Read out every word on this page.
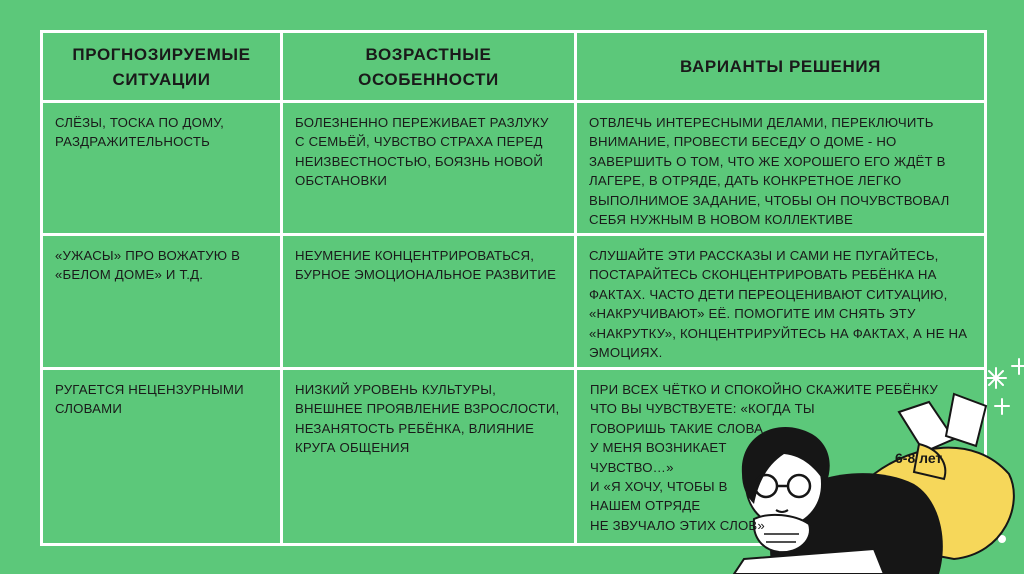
ПРОГНОЗИРУЕМЫЕ СИТУАЦИИ
ВОЗРАСТНЫЕ ОСОБЕННОСТИ
ВАРИАНТЫ РЕШЕНИЯ
СЛЁЗЫ, ТОСКА ПО ДОМУ, РАЗДРАЖИТЕЛЬНОСТЬ
БОЛЕЗНЕННО ПЕРЕЖИВАЕТ РАЗЛУКУ С СЕМЬЁЙ, ЧУВСТВО СТРАХА ПЕРЕД НЕИЗВЕСТНОСТЬЮ, БОЯЗНЬ НОВОЙ ОБСТАНОВКИ
ОТВЛЕЧЬ ИНТЕРЕСНЫМИ ДЕЛАМИ, ПЕРЕКЛЮЧИТЬ ВНИМАНИЕ, ПРОВЕСТИ БЕСЕДУ О ДОМЕ - НО ЗАВЕРШИТЬ О ТОМ, ЧТО ЖЕ ХОРОШЕГО ЕГО ЖДЁТ В ЛАГЕРЕ, В ОТРЯДЕ, ДАТЬ КОНКРЕТНОЕ ЛЕГКО ВЫПОЛНИМОЕ ЗАДАНИЕ, ЧТОБЫ ОН ПОЧУВСТВОВАЛ СЕБЯ НУЖНЫМ В НОВОМ КОЛЛЕКТИВЕ
«УЖАСЫ» ПРО ВОЖАТУЮ В «БЕЛОМ ДОМЕ» И Т.Д.
НЕУМЕНИЕ КОНЦЕНТРИРОВАТЬСЯ, БУРНОЕ ЭМОЦИОНАЛЬНОЕ РАЗВИТИЕ
СЛУШАЙТЕ ЭТИ РАССКАЗЫ И САМИ НЕ ПУГАЙТЕСЬ, ПОСТАРАЙТЕСЬ СКОНЦЕНТРИРОВАТЬ РЕБЁНКА НА ФАКТАХ. ЧАСТО ДЕТИ ПЕРЕОЦЕНИВАЮТ СИТУАЦИЮ, «НАКРУЧИВАЮТ» ЕЁ. ПОМОГИТЕ ИМ СНЯТЬ ЭТУ «НАКРУТКУ», КОНЦЕНТРИРУЙТЕСЬ НА ФАКТАХ, А НЕ НА ЭМОЦИЯХ.
РУГАЕТСЯ НЕЦЕНЗУРНЫМИ СЛОВАМИ
НИЗКИЙ УРОВЕНЬ КУЛЬТУРЫ, ВНЕШНЕЕ ПРОЯВЛЕНИЕ ВЗРОСЛОСТИ, НЕЗАНЯТОСТЬ РЕБЁНКА, ВЛИЯНИЕ КРУГА ОБЩЕНИЯ
ПРИ ВСЕХ ЧЁТКО И СПОКОЙНО СКАЖИТЕ РЕБЁНКУ
ЧТО ВЫ ЧУВСТВУЕТЕ: «КОГДА ТЫ
ГОВОРИШЬ ТАКИЕ СЛОВА,
У МЕНЯ ВОЗНИКАЕТ
ЧУВСТВО…»
И «Я ХОЧУ, ЧТОБЫ В
НАШЕМ ОТРЯДЕ
НЕ ЗВУЧАЛО ЭТИХ СЛОВ»
6-8 лет
